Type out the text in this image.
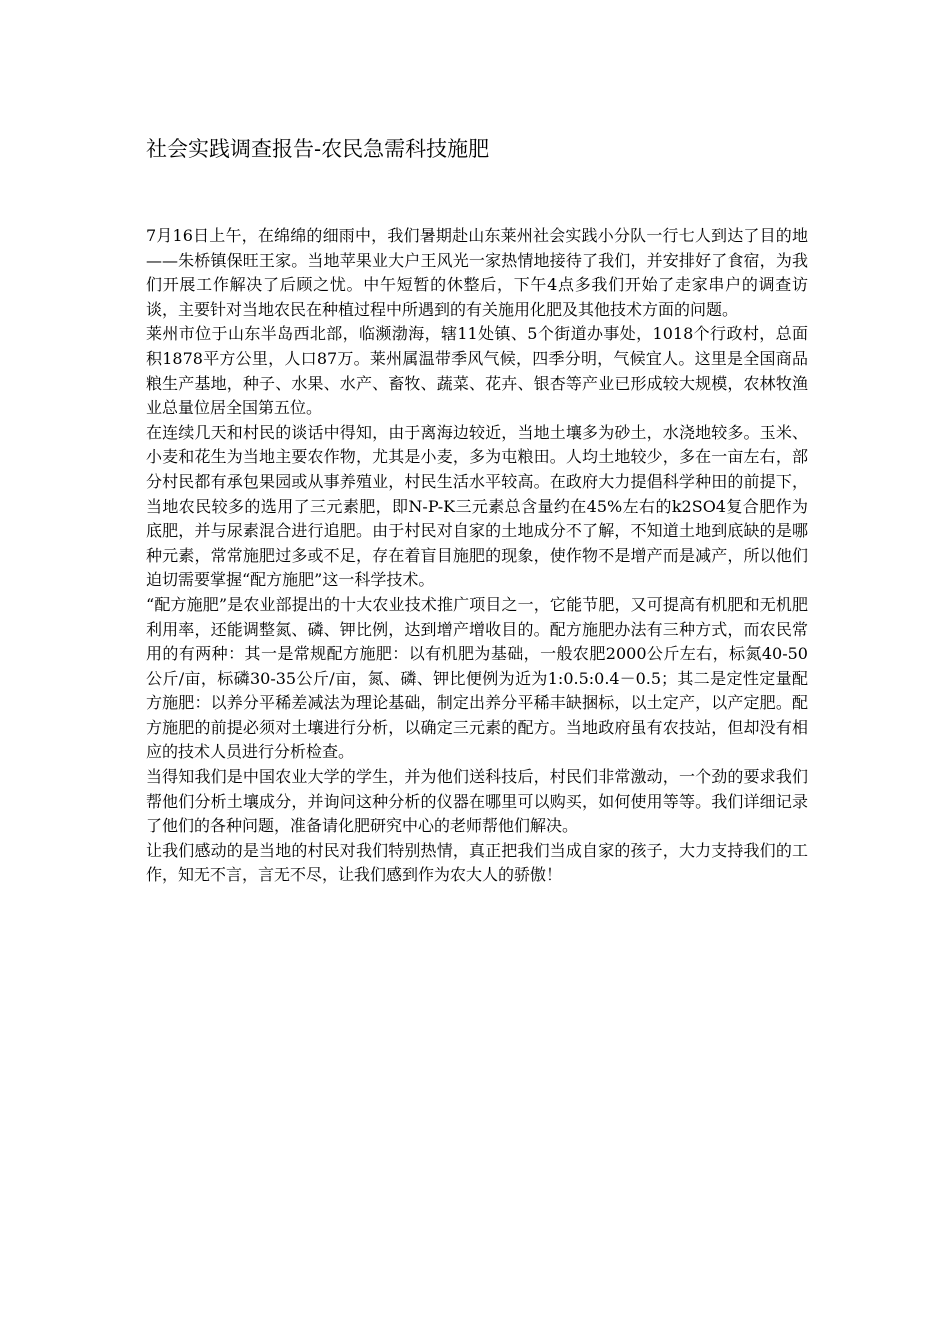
社会实践调查报告-农民急需科技施肥

7月16日上午，在绵绵的细雨中，我们暑期赴山东莱州社会实践小分队一行七人到达了目的地——朱桥镇保旺王家。当地苹果业大户王风光一家热情地接待了我们，并安排好了食宿，为我们开展工作解决了后顾之忧。中午短暂的休整后，下午4点多我们开始了走家串户的调查访谈，主要针对当地农民在种植过程中所遇到的有关施用化肥及其他技术方面的问题。

莱州市位于山东半岛西北部，临濒渤海，辖11处镇、5个街道办事处，1018个行政村，总面积1878平方公里，人口87万。莱州属温带季风气候，四季分明，气候宜人。这里是全国商品粮生产基地，种子、水果、水产、畜牧、蔬菜、花卉、银杏等产业已形成较大规模，农林牧渔业总量位居全国第五位。

在连续几天和村民的谈话中得知，由于离海边较近，当地土壤多为砂土，水浇地较多。玉米、小麦和花生为当地主要农作物，尤其是小麦，多为屯粮田。人均土地较少，多在一亩左右，部分村民都有承包果园或从事养殖业，村民生活水平较高。在政府大力提倡科学种田的前提下，当地农民较多的选用了三元素肥，即N-P-K三元素总含量约在45%左右的k2SO4复合肥作为底肥，并与尿素混合进行追肥。由于村民对自家的土地成分不了解，不知道土地到底缺的是哪种元素，常常施肥过多或不足，存在着盲目施肥的现象，使作物不是增产而是减产，所以他们迫切需要掌握“配方施肥”这一科学技术。

“配方施肥”是农业部提出的十大农业技术推广项目之一，它能节肥，又可提高有机肥和无机肥利用率，还能调整氮、磷、钾比例，达到增产增收目的。配方施肥办法有三种方式，而农民常用的有两种：其一是常规配方施肥：以有机肥为基础，一般农肥2000公斤左右，标氮40-50公斤/亩，标磷30-35公斤/亩，氮、磷、钾比便例为近为1:0.5:0.4－0.5；其二是定性定量配方施肥：以养分平稀差减法为理论基础，制定出养分平稀丰缺捆标，以土定产，以产定肥。配方施肥的前提必须对土壤进行分析，以确定三元素的配方。当地政府虽有农技站，但却没有相应的技术人员进行分析检查。

当得知我们是中国农业大学的学生，并为他们送科技后，村民们非常激动，一个劲的要求我们帮他们分析土壤成分，并询问这种分析的仪器在哪里可以购买，如何使用等等。我们详细记录了他们的各种问题，准备请化肥研究中心的老师帮他们解决。

让我们感动的是当地的村民对我们特别热情，真正把我们当成自家的孩子，大力支持我们的工作，知无不言，言无不尽，让我们感到作为农大人的骄傲！
